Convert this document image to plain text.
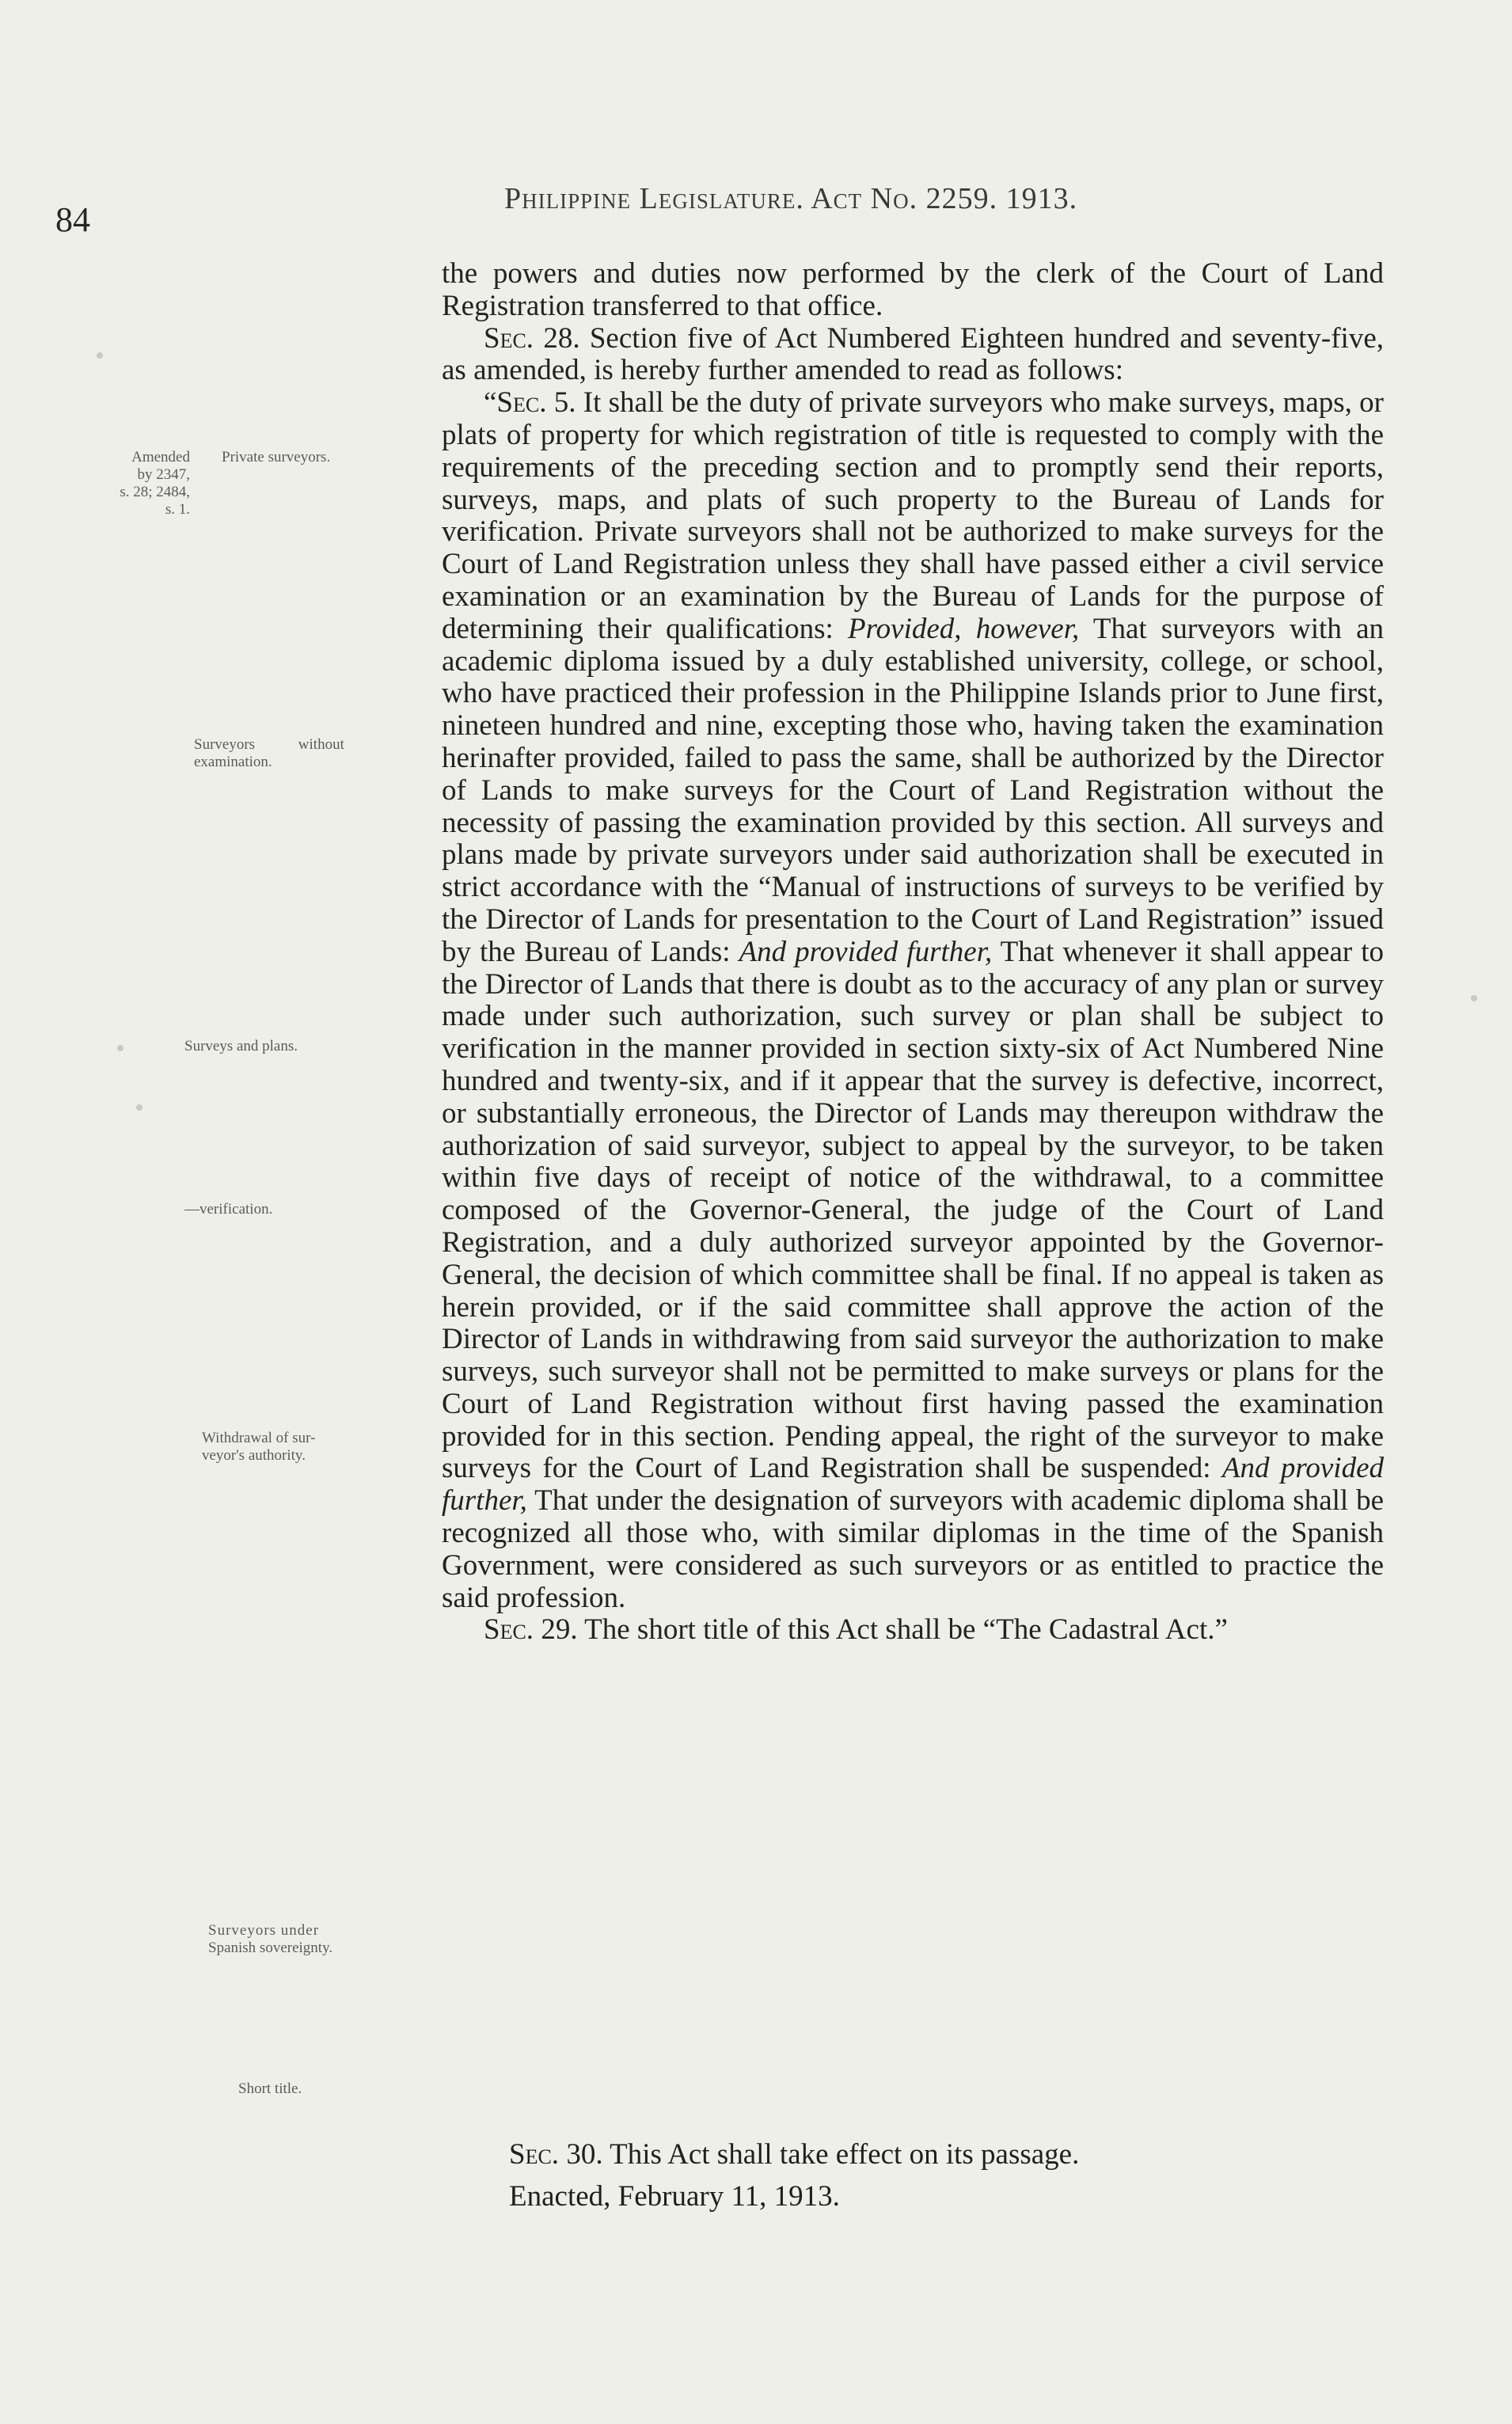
84
Philippine Legislature. Act No. 2259. 1913.
Amended
by 2347,
s. 28; 2484,
s. 1.
Private surveyors.
Surveyors without
examination.
Surveys and plans.
—verification.
Withdrawal of sur-
veyor's authority.
Surveyors under
Spanish sovereignty.
Short title.

the powers and duties now performed by the clerk of the Court of Land Registration transferred to that office.

Sec. 28. Section five of Act Numbered Eighteen hundred and seventy-five, as amended, is hereby further amended to read as follows:

“Sec. 5. It shall be the duty of private surveyors who make surveys, maps, or plats of property for which registration of title is requested to comply with the requirements of the preceding section and to promptly send their reports, surveys, maps, and plats of such property to the Bureau of Lands for verification. Private surveyors shall not be authorized to make surveys for the Court of Land Registration unless they shall have passed either a civil service examination or an examination by the Bureau of Lands for the purpose of determining their qualifications: Provided, however, That surveyors with an academic diploma issued by a duly established university, college, or school, who have practiced their profession in the Philippine Islands prior to June first, nineteen hundred and nine, excepting those who, having taken the examination herinafter provided, failed to pass the same, shall be authorized by the Director of Lands to make surveys for the Court of Land Registration without the necessity of passing the examination provided by this section. All surveys and plans made by private surveyors under said authorization shall be executed in strict accordance with the “Manual of instructions of surveys to be verified by the Director of Lands for presentation to the Court of Land Registration” issued by the Bureau of Lands: And provided further, That whenever it shall appear to the Director of Lands that there is doubt as to the accuracy of any plan or survey made under such authorization, such survey or plan shall be subject to verification in the manner provided in section sixty-six of Act Numbered Nine hundred and twenty-six, and if it appear that the survey is defective, incorrect, or substantially erroneous, the Director of Lands may thereupon withdraw the authorization of said surveyor, subject to appeal by the surveyor, to be taken within five days of receipt of notice of the withdrawal, to a committee composed of the Governor-General, the judge of the Court of Land Registration, and a duly authorized surveyor appointed by the Governor-General, the decision of which committee shall be final. If no appeal is taken as herein provided, or if the said committee shall approve the action of the Director of Lands in withdrawing from said surveyor the authorization to make surveys, such surveyor shall not be permitted to make surveys or plans for the Court of Land Registration without first having passed the examination provided for in this section. Pending appeal, the right of the surveyor to make surveys for the Court of Land Registration shall be suspended: And provided further, That under the designation of surveyors with academic diploma shall be recognized all those who, with similar diplomas in the time of the Spanish Government, were considered as such surveyors or as entitled to practice the said profession.

Sec. 29. The short title of this Act shall be “The Cadastral Act.”

Sec. 30. This Act shall take effect on its passage.
Enacted, February 11, 1913.
